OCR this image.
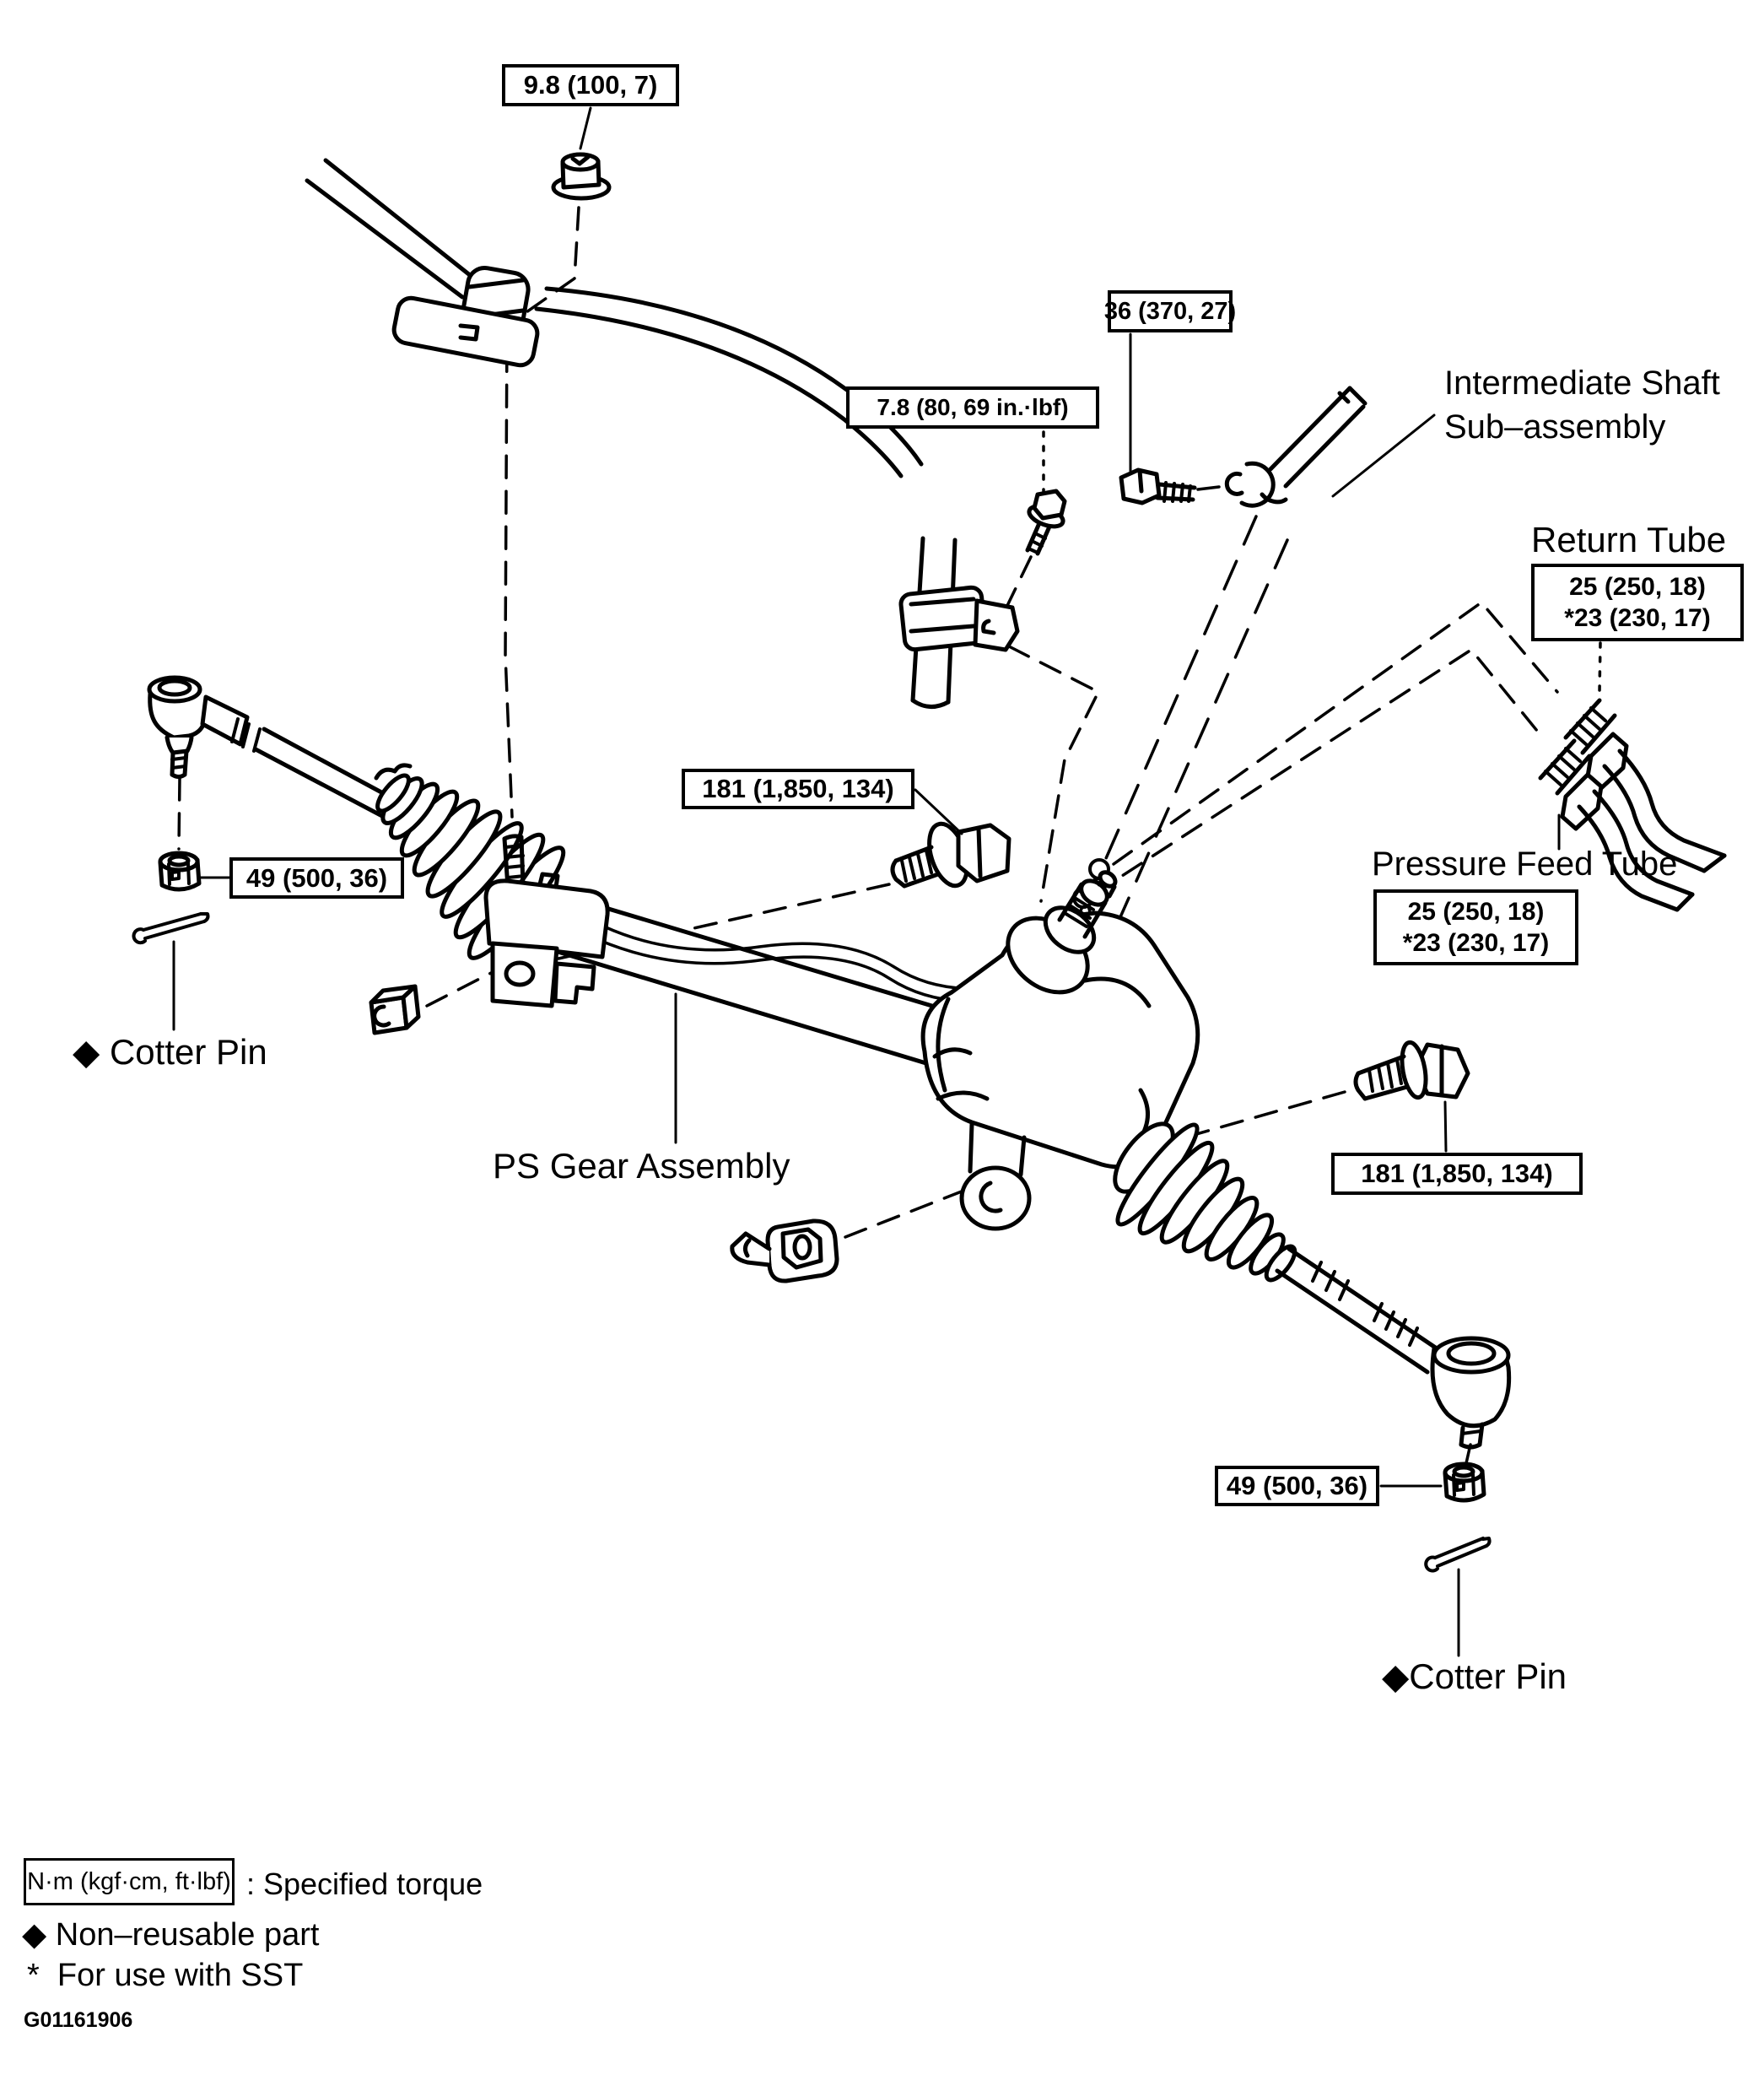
9.8 (100, 7)
36 (370, 27)
7.8 (80, 69 in.·lbf)
25 (250, 18)
*23 (230, 17)
25 (250, 18)
*23 (230, 17)
181 (1,850, 134)
181 (1,850, 134)
49 (500, 36)
49 (500, 36)
Intermediate Shaft
Sub–assembly
Return Tube
Pressure Feed Tube
PS Gear Assembly
◆ Cotter Pin
◆Cotter Pin
N·m (kgf·cm, ft·lbf) : Specified torque
◆ Non–reusable part
*  For use with SST
G01161906
